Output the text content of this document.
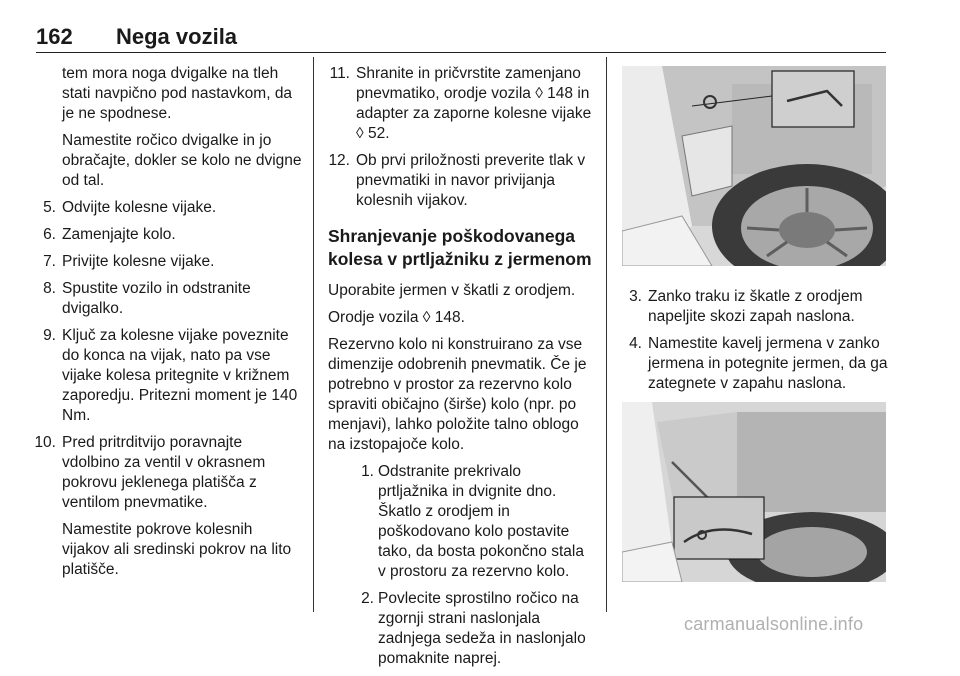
162 Nega vozila

tem mora noga dvigalke na tleh stati navpično pod nastavkom, da je ne spodnese.

Namestite ročico dvigalke in jo obračajte, dokler se kolo ne dvigne od tal.

5. Odvijte kolesne vijake.
6. Zamenjajte kolo.
7. Privijte kolesne vijake.
8. Spustite vozilo in odstranite dvigalko.
9. Ključ za kolesne vijake poveznite do konca na vijak, nato pa vse vijake kolesa pritegnite v križnem zaporedju. Pritezni moment je 140 Nm.
10. Pred pritrditvijo poravnajte vdolbino za ventil v okrasnem pokrovu jeklenega platišča z ventilom pnevmatike.

Namestite pokrove kolesnih vijakov ali sredinski pokrov na lito platišče.

11. Shranite in pričvrstite zamenjano pnevmatiko, orodje vozila ◊ 148 in adapter za zaporne kolesne vijake ◊ 52.
12. Ob prvi priložnosti preverite tlak v pnevmatiki in navor privijanja kolesnih vijakov.
Shranjevanje poškodovanega kolesa v prtljažniku z jermenom

Uporabite jermen v škatli z orodjem.

Orodje vozila ◊ 148.

Rezervno kolo ni konstruirano za vse dimenzije odobrenih pnevmatik. Če je potrebno v prostor za rezervno kolo spraviti običajno (širše) kolo (npr. po menjavi), lahko položite talno oblogo na izstopajoče kolo.

1. Odstranite prekrivalo prtljažnika in dvignite dno. Škatlo z orodjem in poškodovano kolo postavite tako, da bosta pokončno stala v prostoru za rezervno kolo.
2. Povlecite sprostilno ročico na zgornji strani naslonjala zadnjega sedeža in naslonjalo pomaknite naprej.
3. Zanko traku iz škatle z orodjem napeljite skozi zapah naslona.
4. Namestite kavelj jermena v zanko jermena in potegnite jermen, da ga zategnete v zapahu naslona.
carmanualsonline.info
